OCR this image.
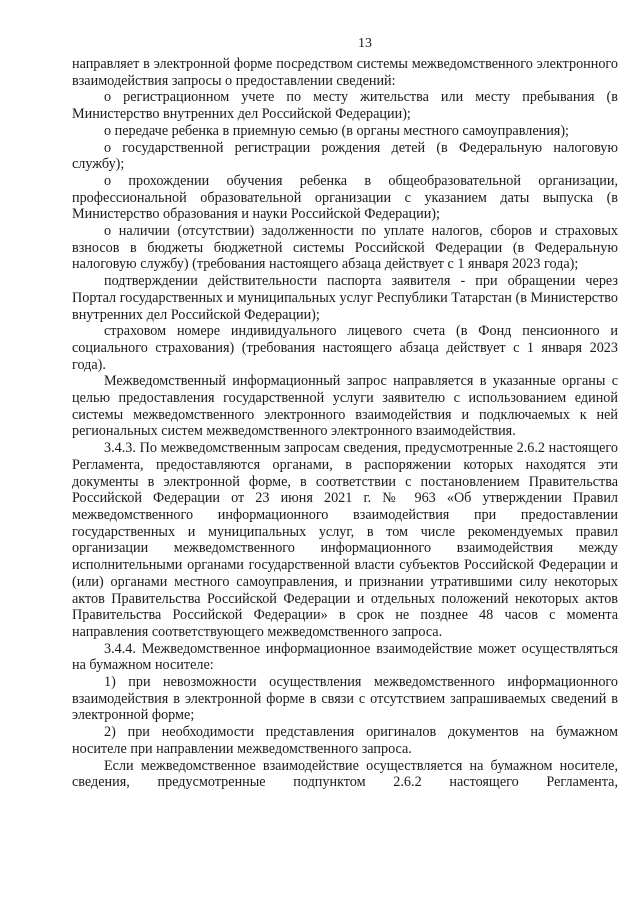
13

направляет в электронной форме посредством системы межведомственного электронного взаимодействия запросы о предоставлении сведений:

о регистрационном учете по месту жительства или месту пребывания (в Министерство внутренних дел Российской Федерации);

о передаче ребенка в приемную семью (в органы местного самоуправления);

о государственной регистрации рождения детей (в Федеральную налоговую службу);

о прохождении обучения ребенка в общеобразовательной организации, профессиональной образовательной организации с указанием даты выпуска (в Министерство образования и науки Российской Федерации);

о наличии (отсутствии) задолженности по уплате налогов, сборов и страховых взносов в бюджеты бюджетной системы Российской Федерации (в Федеральную налоговую службу) (требования настоящего абзаца действует с 1 января 2023 года);

подтверждении действительности паспорта заявителя - при обращении через Портал государственных и муниципальных услуг Республики Татарстан (в Министерство внутренних дел Российской Федерации);

страховом номере индивидуального лицевого счета (в Фонд пенсионного и социального страхования) (требования настоящего абзаца действует с 1 января 2023 года).

Межведомственный информационный запрос направляется в указанные органы с целью предоставления государственной услуги заявителю с использованием единой системы межведомственного электронного взаимодействия и подключаемых к ней региональных систем межведомственного электронного взаимодействия.

3.4.3. По межведомственным запросам сведения, предусмотренные 2.6.2 настоящего Регламента, предоставляются органами, в распоряжении которых находятся эти документы в электронной форме, в соответствии с постановлением Правительства Российской Федерации от 23 июня 2021 г. № 963 «Об утверждении Правил межведомственного информационного взаимодействия при предоставлении государственных и муниципальных услуг, в том числе рекомендуемых правил организации межведомственного информационного взаимодействия между исполнительными органами государственной власти субъектов Российской Федерации и (или) органами местного самоуправления, и признании утратившими силу некоторых актов Правительства Российской Федерации и отдельных положений некоторых актов Правительства Российской Федерации» в срок не позднее 48 часов с момента направления соответствующего межведомственного запроса.

3.4.4. Межведомственное информационное взаимодействие может осуществляться на бумажном носителе:

1) при невозможности осуществления межведомственного информационного взаимодействия в электронной форме в связи с отсутствием запрашиваемых сведений в электронной форме;

2) при необходимости представления оригиналов документов на бумажном носителе при направлении межведомственного запроса.

Если межведомственное взаимодействие осуществляется на бумажном носителе, сведения, предусмотренные подпунктом 2.6.2 настоящего Регламента,
